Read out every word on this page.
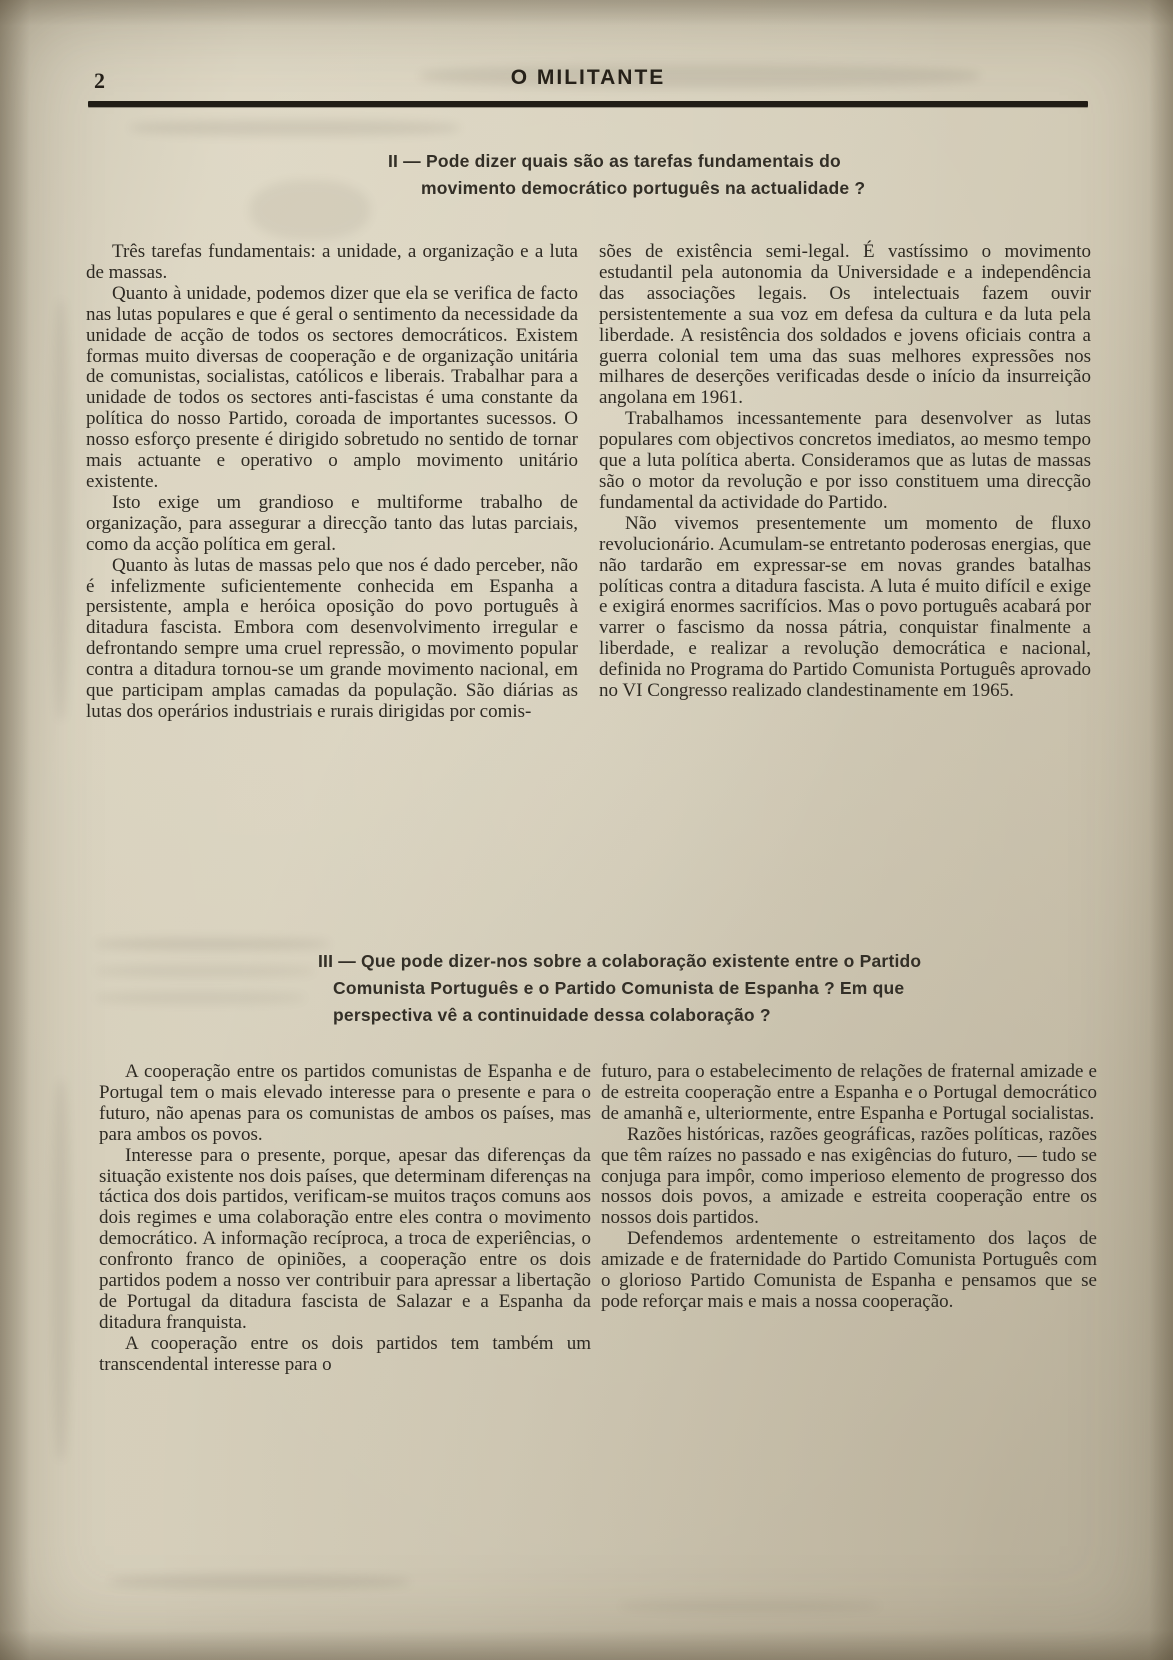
2	O MILITANTE
II — Pode dizer quais são as tarefas fundamentais do
movimento democrático português na actualidade ?

Três tarefas fundamentais: a unidade, a organização e a luta de massas.

Quanto à unidade, podemos dizer que ela se verifica de facto nas lutas populares e que é geral o sentimento da necessidade da unidade de acção de todos os sectores democráticos. Existem formas muito diversas de cooperação e de organização unitária de comunistas, socialistas, católicos e liberais. Trabalhar para a unidade de todos os sectores anti-fascistas é uma constante da política do nosso Partido, coroada de importantes sucessos. O nosso esforço presente é dirigido sobretudo no sentido de tornar mais actuante e operativo o amplo movimento unitário existente.

Isto exige um grandioso e multiforme trabalho de organização, para assegurar a direcção tanto das lutas parciais, como da acção política em geral.

Quanto às lutas de massas pelo que nos é dado perceber, não é infelizmente suficientemente conhecida em Espanha a persistente, ampla e heróica oposição do povo português à ditadura fascista. Embora com desenvolvimento irregular e defrontando sempre uma cruel repressão, o movimento popular contra a ditadura tornou-se um grande movimento nacional, em que participam amplas camadas da população. São diárias as lutas dos operários industriais e rurais dirigidas por comis-

sões de existência semi-legal. É vastíssimo o movimento estudantil pela autonomia da Universidade e a independência das associações legais. Os intelectuais fazem ouvir persistentemente a sua voz em defesa da cultura e da luta pela liberdade. A resistência dos soldados e jovens oficiais contra a guerra colonial tem uma das suas melhores expressões nos milhares de deserções verificadas desde o início da insurreição angolana em 1961.

Trabalhamos incessantemente para desenvolver as lutas populares com objectivos concretos imediatos, ao mesmo tempo que a luta política aberta. Consideramos que as lutas de massas são o motor da revolução e por isso constituem uma direcção fundamental da actividade do Partido.

Não vivemos presentemente um momento de fluxo revolucionário. Acumulam-se entretanto poderosas energias, que não tardarão em expressar-se em novas grandes batalhas políticas contra a ditadura fascista. A luta é muito difícil e exige e exigirá enormes sacrifícios. Mas o povo português acabará por varrer o fascismo da nossa pátria, conquistar finalmente a liberdade, e realizar a revolução democrática e nacional, definida no Programa do Partido Comunista Português aprovado no VI Congresso realizado clandestinamente em 1965.

III — Que pode dizer-nos sobre a colaboração existente entre o Partido
Comunista Português e o Partido Comunista de Espanha ? Em que
perspectiva vê a continuidade dessa colaboração ?

A cooperação entre os partidos comunistas de Espanha e de Portugal tem o mais elevado interesse para o presente e para o futuro, não apenas para os comunistas de ambos os países, mas para ambos os povos.

Interesse para o presente, porque, apesar das diferenças da situação existente nos dois países, que determinam diferenças na táctica dos dois partidos, verificam-se muitos traços comuns aos dois regimes e uma colaboração entre eles contra o movimento democrático. A informação recíproca, a troca de experiências, o confronto franco de opiniões, a cooperação entre os dois partidos podem a nosso ver contribuir para apressar a libertação de Portugal da ditadura fascista de Salazar e a Espanha da ditadura franquista.

A cooperação entre os dois partidos tem também um transcendental interesse para o

futuro, para o estabelecimento de relações de fraternal amizade e de estreita cooperação entre a Espanha e o Portugal democrático de amanhã e, ulteriormente, entre Espanha e Portugal socialistas.

Razões históricas, razões geográficas, razões políticas, razões que têm raízes no passado e nas exigências do futuro, — tudo se conjuga para impôr, como imperioso elemento de progresso dos nossos dois povos, a amizade e estreita cooperação entre os nossos dois partidos.

Defendemos ardentemente o estreitamento dos laços de amizade e de fraternidade do Partido Comunista Português com o glorioso Partido Comunista de Espanha e pensamos que se pode reforçar mais e mais a nossa cooperação.
